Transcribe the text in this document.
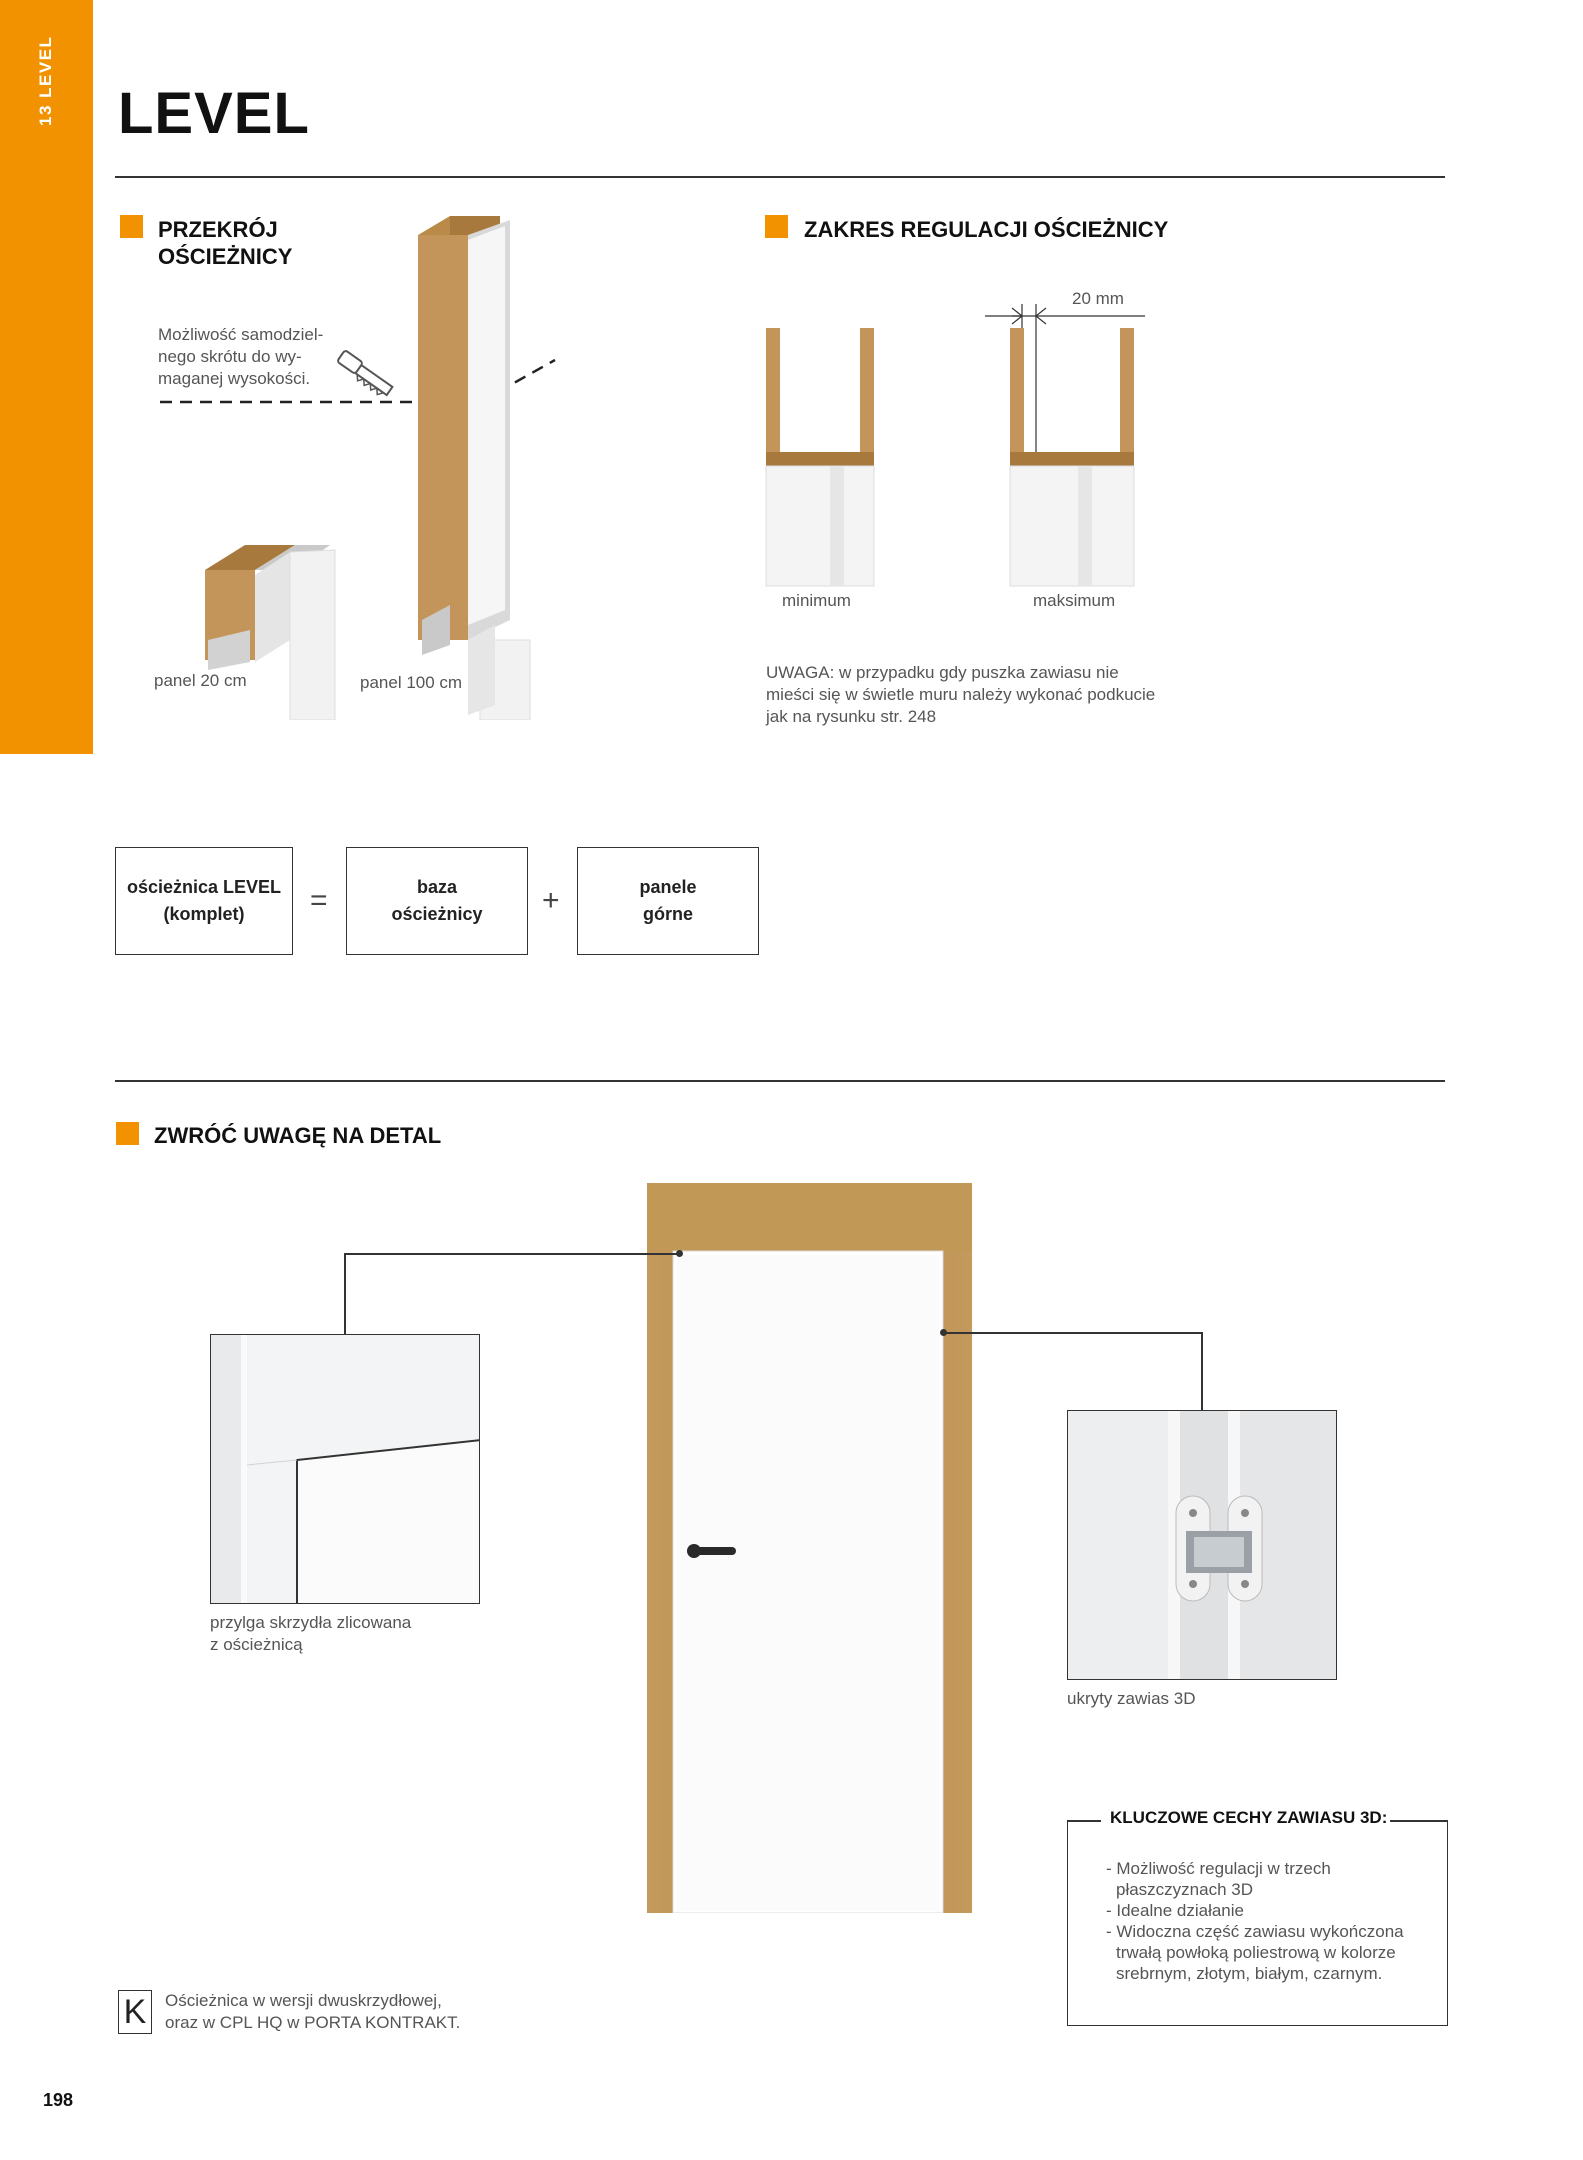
13 LEVEL LEVEL
PRZEKRÓJ
OŚCIEŻNICY
Możliwość samodziel-
nego skrótu do wy-
maganej wysokości.
panel 20 cm	panel 100 cm
ZAKRES REGULACJI OŚCIEŻNICY
20 mm
minimum	maksimum
UWAGA: w przypadku gdy puszka zawiasu nie
mieści się w świetle muru należy wykonać podkucie
jak na rysunku str. 248
ościeżnica LEVEL
(komplet)	=	baza
ościeżnicy +	panele
górne
ZWRÓĆ UWAGĘ NA DETAL
przylga skrzydła zlicowana
z ościeżnicą
ukryty zawias 3D
KLUCZOWE CECHY ZAWIASU 3D:
- Możliwość regulacji w trzech płaszczyznach 3D
- Idealne działanie
- Widoczna część zawiasu wykończona trwałą powłoką poliestrową w kolorze srebrnym, złotym, białym, czarnym.
K	Ościeżnica w wersji dwuskrzydłowej,
oraz w CPL HQ w PORTA KONTRAKT.
198
